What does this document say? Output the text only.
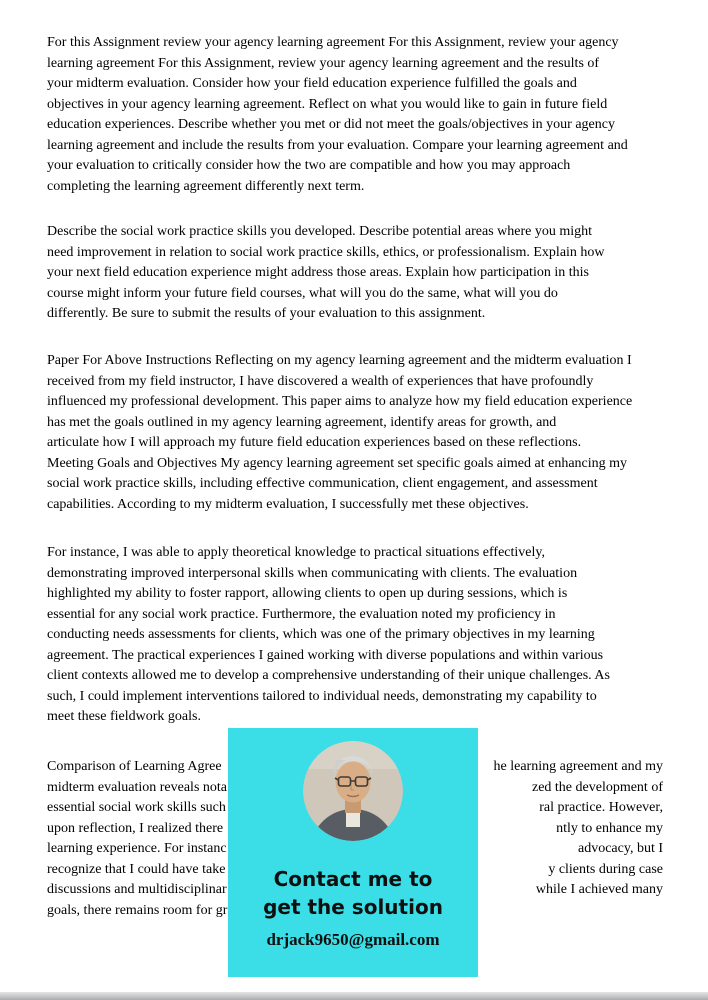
For this Assignment review your agency learning agreement For this Assignment, review your agency
learning agreement For this Assignment, review your agency learning agreement and the results of
your midterm evaluation. Consider how your field education experience fulfilled the goals and
objectives in your agency learning agreement. Reflect on what you would like to gain in future field
education experiences. Describe whether you met or did not meet the goals/objectives in your agency
learning agreement and include the results from your evaluation. Compare your learning agreement and
your evaluation to critically consider how the two are compatible and how you may approach
completing the learning agreement differently next term.
Describe the social work practice skills you developed. Describe potential areas where you might
need improvement in relation to social work practice skills, ethics, or professionalism. Explain how
your next field education experience might address those areas. Explain how participation in this
course might inform your future field courses, what will you do the same, what will you do
differently. Be sure to submit the results of your evaluation to this assignment.
Paper For Above Instructions Reflecting on my agency learning agreement and the midterm evaluation I
received from my field instructor, I have discovered a wealth of experiences that have profoundly
influenced my professional development. This paper aims to analyze how my field education experience
has met the goals outlined in my agency learning agreement, identify areas for growth, and
articulate how I will approach my future field education experiences based on these reflections.
Meeting Goals and Objectives My agency learning agreement set specific goals aimed at enhancing my
social work practice skills, including effective communication, client engagement, and assessment
capabilities. According to my midterm evaluation, I successfully met these objectives.
For instance, I was able to apply theoretical knowledge to practical situations effectively,
demonstrating improved interpersonal skills when communicating with clients. The evaluation
highlighted my ability to foster rapport, allowing clients to open up during sessions, which is
essential for any social work practice. Furthermore, the evaluation noted my proficiency in
conducting needs assessments for clients, which was one of the primary objectives in my learning
agreement. The practical experiences I gained working with diverse populations and within various
client contexts allowed me to develop a comprehensive understanding of their unique challenges. As
such, I could implement interventions tailored to individual needs, demonstrating my capability to
meet these fieldwork goals.
Comparison of Learning Agree	he learning agreement and my
midterm evaluation reveals nota	zed the development of
essential social work skills such	ral practice. However,
upon reflection, I realized there	ntly to enhance my
learning experience. For instanc	advocacy, but I
recognize that I could have take	y clients during case
discussions and multidisciplinar	while I achieved many
goals, there remains room for gr
Contact me to
get the solution
drjack9650@gmail.com
